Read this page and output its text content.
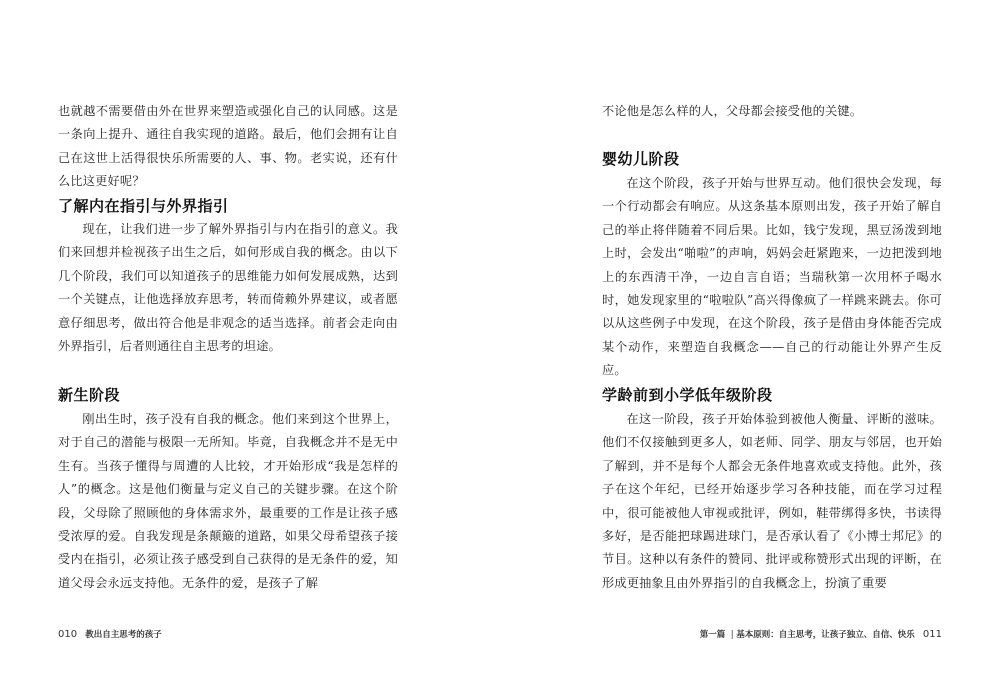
也就越不需要借由外在世界来塑造或强化自己的认同感。这是一条向上提升、通往自我实现的道路。最后，他们会拥有让自己在这世上活得很快乐所需要的人、事、物。老实说，还有什么比这更好呢？

了解内在指引与外界指引

现在，让我们进一步了解外界指引与内在指引的意义。我们来回想并检视孩子出生之后，如何形成自我的概念。由以下几个阶段，我们可以知道孩子的思维能力如何发展成熟，达到一个关键点，让他选择放弃思考，转而倚赖外界建议，或者愿意仔细思考，做出符合他是非观念的适当选择。前者会走向由外界指引，后者则通往自主思考的坦途。

新生阶段

刚出生时，孩子没有自我的概念。他们来到这个世界上，对于自己的潜能与极限一无所知。毕竟，自我概念并不是无中生有。当孩子懂得与周遭的人比较，才开始形成“我是怎样的人”的概念。这是他们衡量与定义自己的关键步骤。在这个阶段，父母除了照顾他的身体需求外，最重要的工作是让孩子感受浓厚的爱。自我发现是条颠簸的道路，如果父母希望孩子接受内在指引，必须让孩子感受到自己获得的是无条件的爱，知道父母会永远支持他。无条件的爱，是孩子了解

010 教出自主思考的孩子

不论他是怎么样的人，父母都会接受他的关键。

婴幼儿阶段

在这个阶段，孩子开始与世界互动。他们很快会发现，每一个行动都会有响应。从这条基本原则出发，孩子开始了解自己的举止将伴随着不同后果。比如，钱宁发现，黑豆汤泼到地上时，会发出“啪啦”的声响，妈妈会赶紧跑来，一边把泼到地上的东西清干净，一边自言自语；当瑞秋第一次用杯子喝水时，她发现家里的“啦啦队”高兴得像疯了一样跳来跳去。你可以从这些例子中发现，在这个阶段，孩子是借由身体能否完成某个动作，来塑造自我概念——自己的行动能让外界产生反应。

学龄前到小学低年级阶段

在这一阶段，孩子开始体验到被他人衡量、评断的滋味。他们不仅接触到更多人，如老师、同学、朋友与邻居，也开始了解到，并不是每个人都会无条件地喜欢或支持他。此外，孩子在这个年纪，已经开始逐步学习各种技能，而在学习过程中，很可能被他人审视或批评，例如，鞋带绑得多快，书读得多好，是否能把球踢进球门，是否承认看了《小博士邦尼》的节目。这种以有条件的赞同、批评或称赞形式出现的评断，在形成更抽象且由外界指引的自我概念上，扮演了重要

第一篇  | 基本原则：自主思考，让孩子独立、自信、快乐 011
